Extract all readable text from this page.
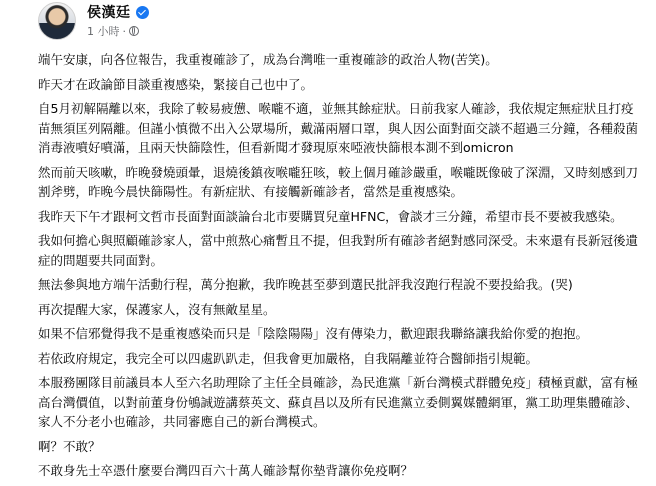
侯漢廷
1 小時 ·

端午安康，向各位報告，我重複確診了，成為台灣唯一重複確診的政治人物(苦笑)。

昨天才在政論節目談重複感染，緊接自己也中了。

自5月初解隔離以來，我除了較易疲憊、喉嚨不適，並無其餘症狀。日前我家人確診，我依規定無症狀且打疫苗無須匡列隔離。但謹小慎微不出入公眾場所，戴滿兩層口罩，與人因公面對面交談不超過三分鐘，各種殺菌消毒液噴好噴滿，且兩天快篩陰性，但看新聞才發現原來啞液快篩根本測不到omicron

然而前天咳嗽，昨晚發燒頭暈，退燒後鎮夜喉嚨狂咳，較上個月確診嚴重，喉嚨既像破了深淵，又時刻感到刀割斧劈，昨晚今晨快篩陽性。有新症狀、有接觸新確診者，當然是重複感染。

我昨天下午才跟柯文哲市長面對面談論台北市要購買兒童HFNC，會談才三分鐘，希望市長不要被我感染。

我如何擔心與照顧確診家人，當中煎熬心痛暫且不提，但我對所有確診者絕對感同深受。未來還有長新冠後遺症的問題要共同面對。

無法參與地方端午活動行程，萬分抱歉，我昨晚甚至夢到選民批評我沒跑行程說不要投給我。(哭)

再次提醒大家，保護家人，沒有無敵星星。

如果不信邪覺得我不是重複感染而只是「陰陰陽陽」沒有傳染力，歡迎跟我聯絡讓我給你愛的抱抱。

若依政府規定，我完全可以四處趴趴走，但我會更加嚴格，自我隔離並符合醫師指引規範。

本服務團隊目前議員本人至六名助理除了主任全員確診，為民進黨「新台灣模式群體免疫」積極貢獻，富有極高台灣價值，以對前董身份鴝誠遊講蔡英文、蘇貞昌以及所有民進黨立委側翼媒體網軍，黨工助理集體確診、家人不分老小也確診，共同審應自己的新台灣模式。

啊？不敢？

不敢身先士卒憑什麼要台灣四百六十萬人確診幫你墊背讓你免疫啊？
